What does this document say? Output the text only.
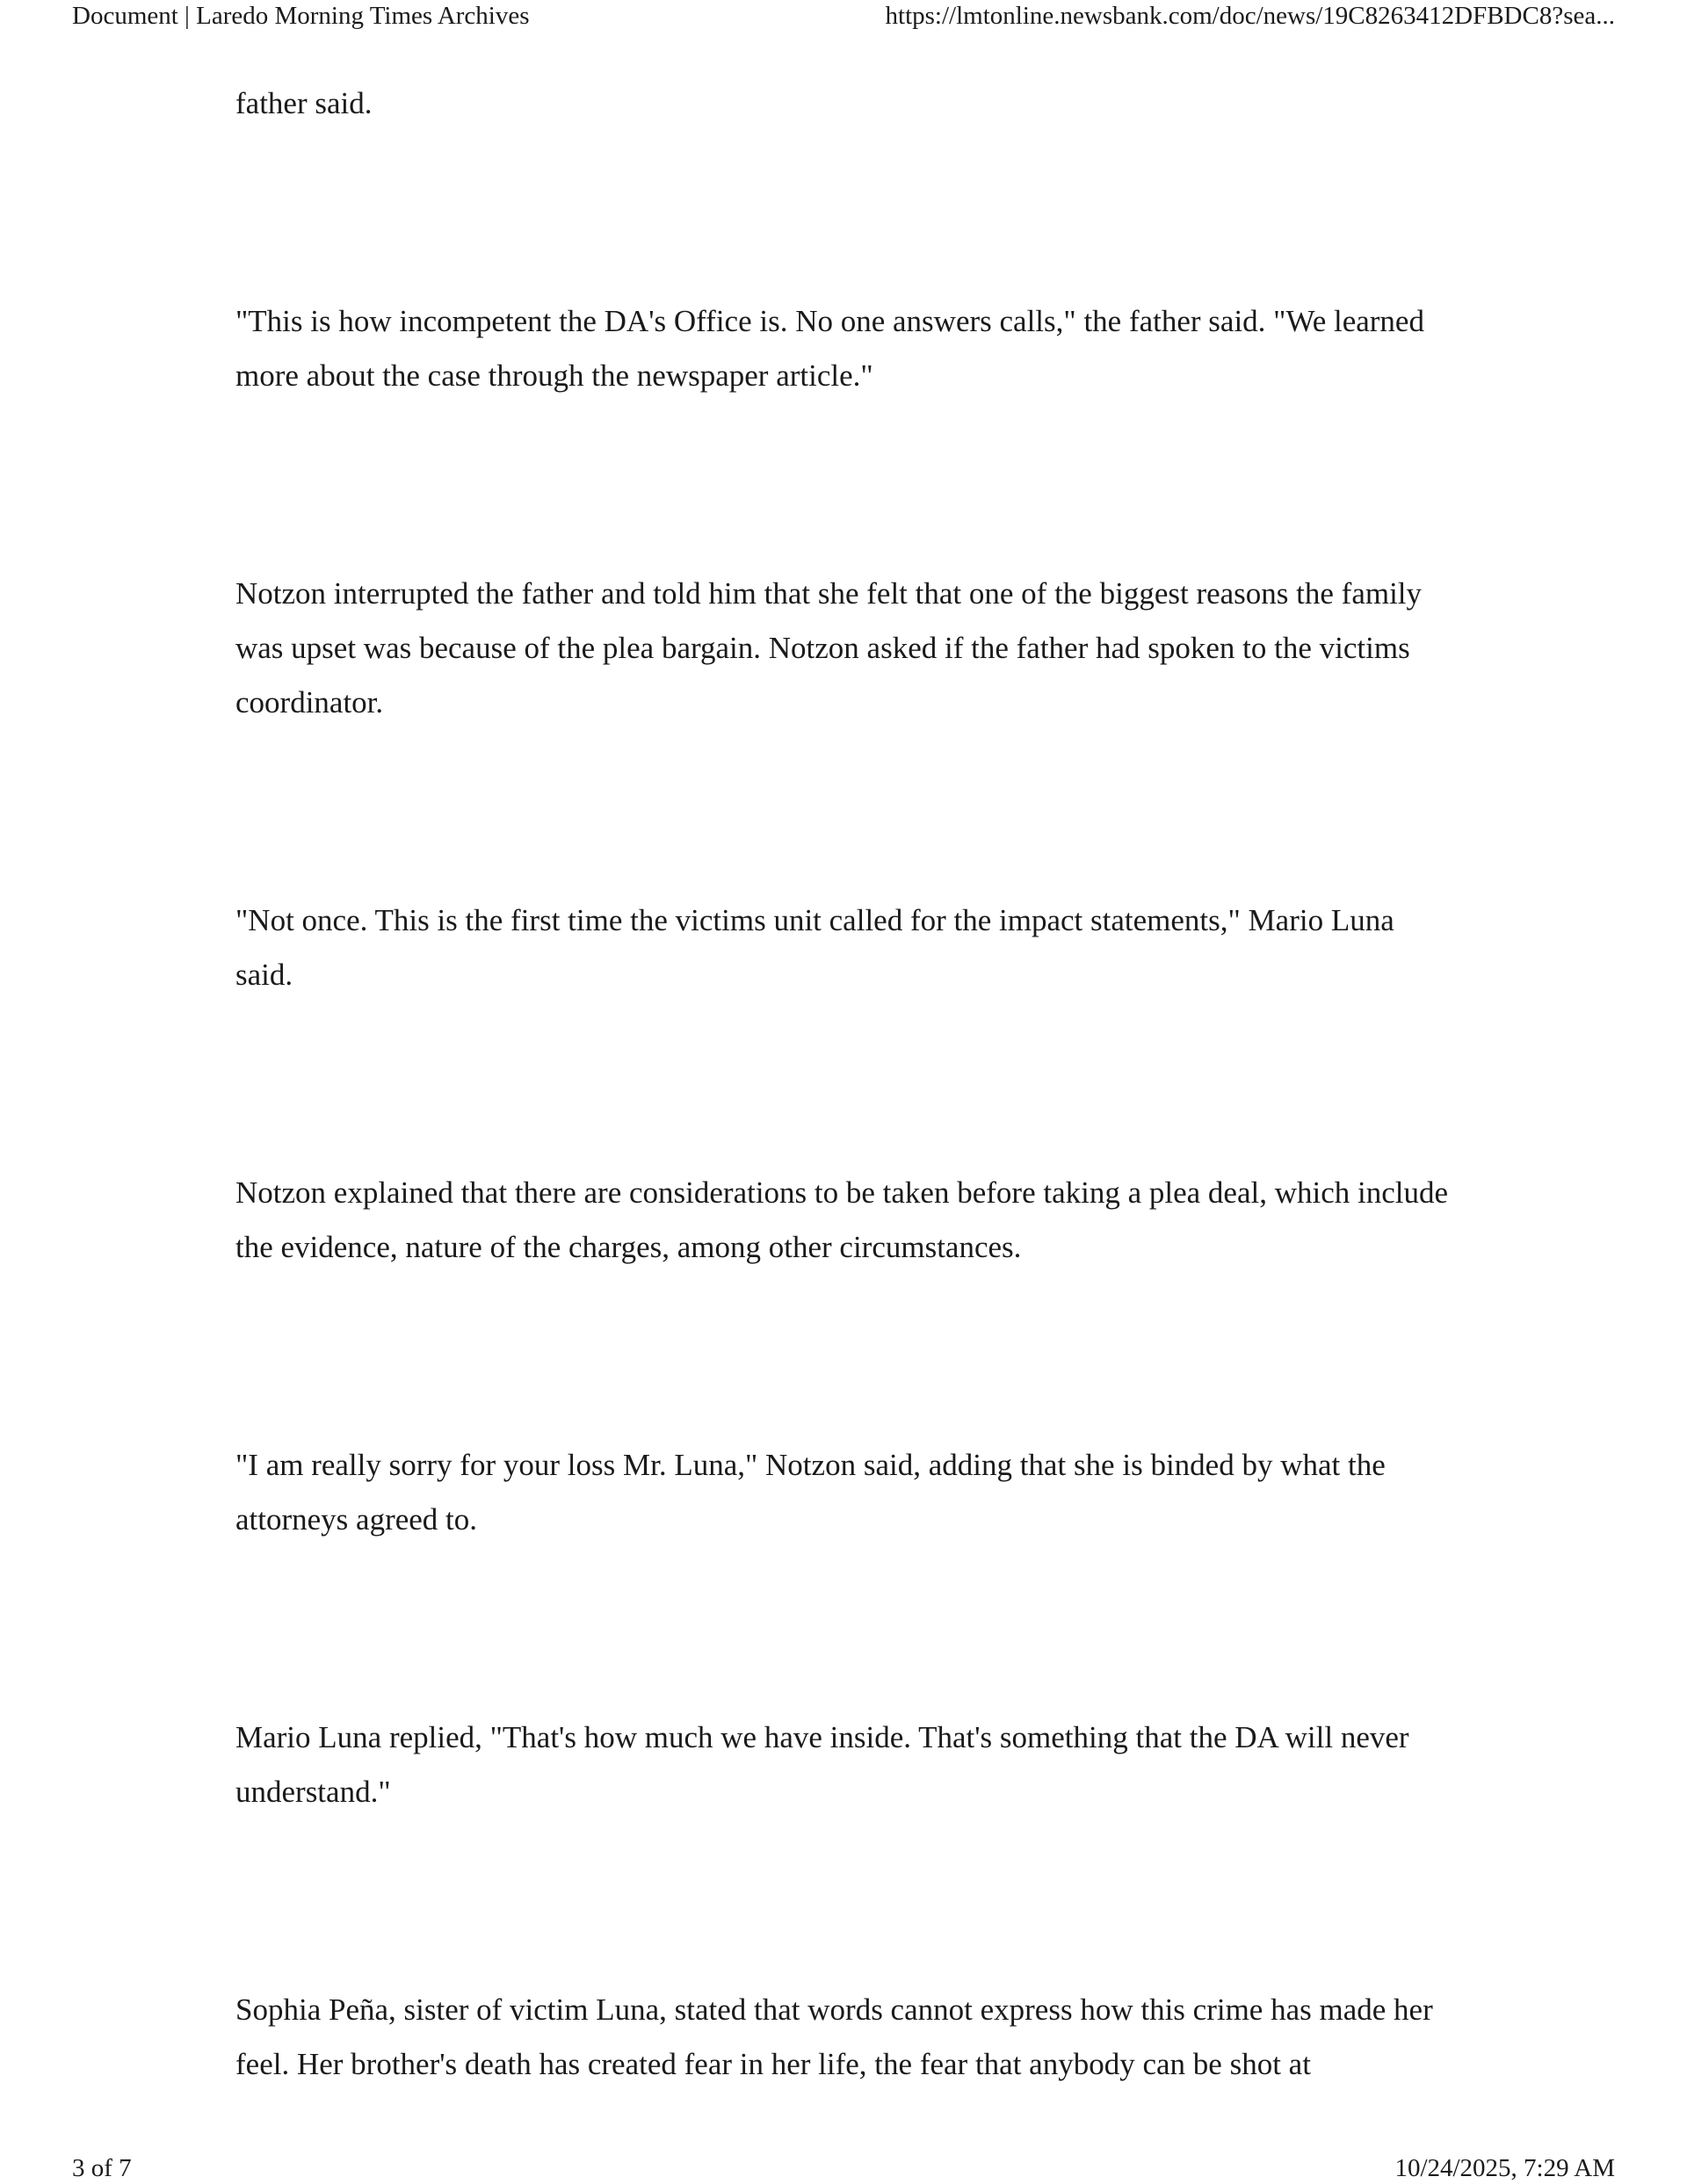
Document | Laredo Morning Times Archives	https://lmtonline.newsbank.com/doc/news/19C8263412DFBDC8?sea...

father said.

"This is how incompetent the DA's Office is. No one answers calls," the father said. "We learned more about the case through the newspaper article."

Notzon interrupted the father and told him that she felt that one of the biggest reasons the family was upset was because of the plea bargain. Notzon asked if the father had spoken to the victims coordinator.

"Not once. This is the first time the victims unit called for the impact statements," Mario Luna said.

Notzon explained that there are considerations to be taken before taking a plea deal, which include the evidence, nature of the charges, among other circumstances.

"I am really sorry for your loss Mr. Luna," Notzon said, adding that she is binded by what the attorneys agreed to.

Mario Luna replied, "That's how much we have inside. That's something that the DA will never understand."

Sophia Peña, sister of victim Luna, stated that words cannot express how this crime has made her feel. Her brother's death has created fear in her life, the fear that anybody can be shot at

3 of 7	10/24/2025, 7:29 AM
